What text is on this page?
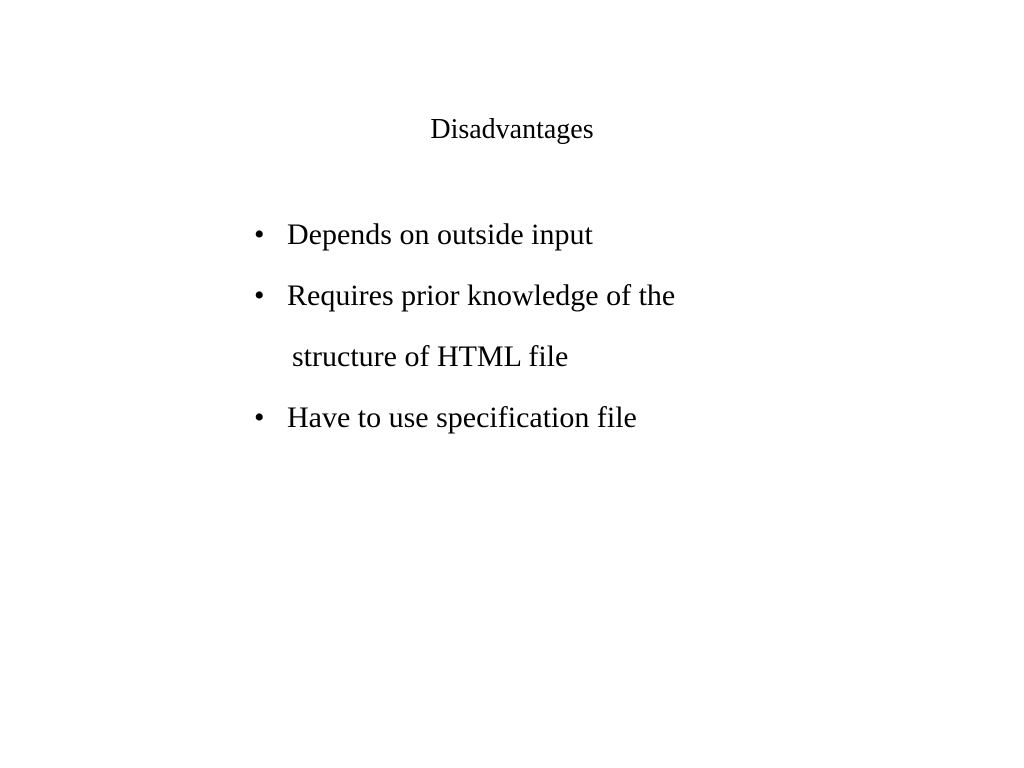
Disadvantages
• Depends on outside input
• Requires prior knowledge of the
structure of HTML file
• Have to use specification file
